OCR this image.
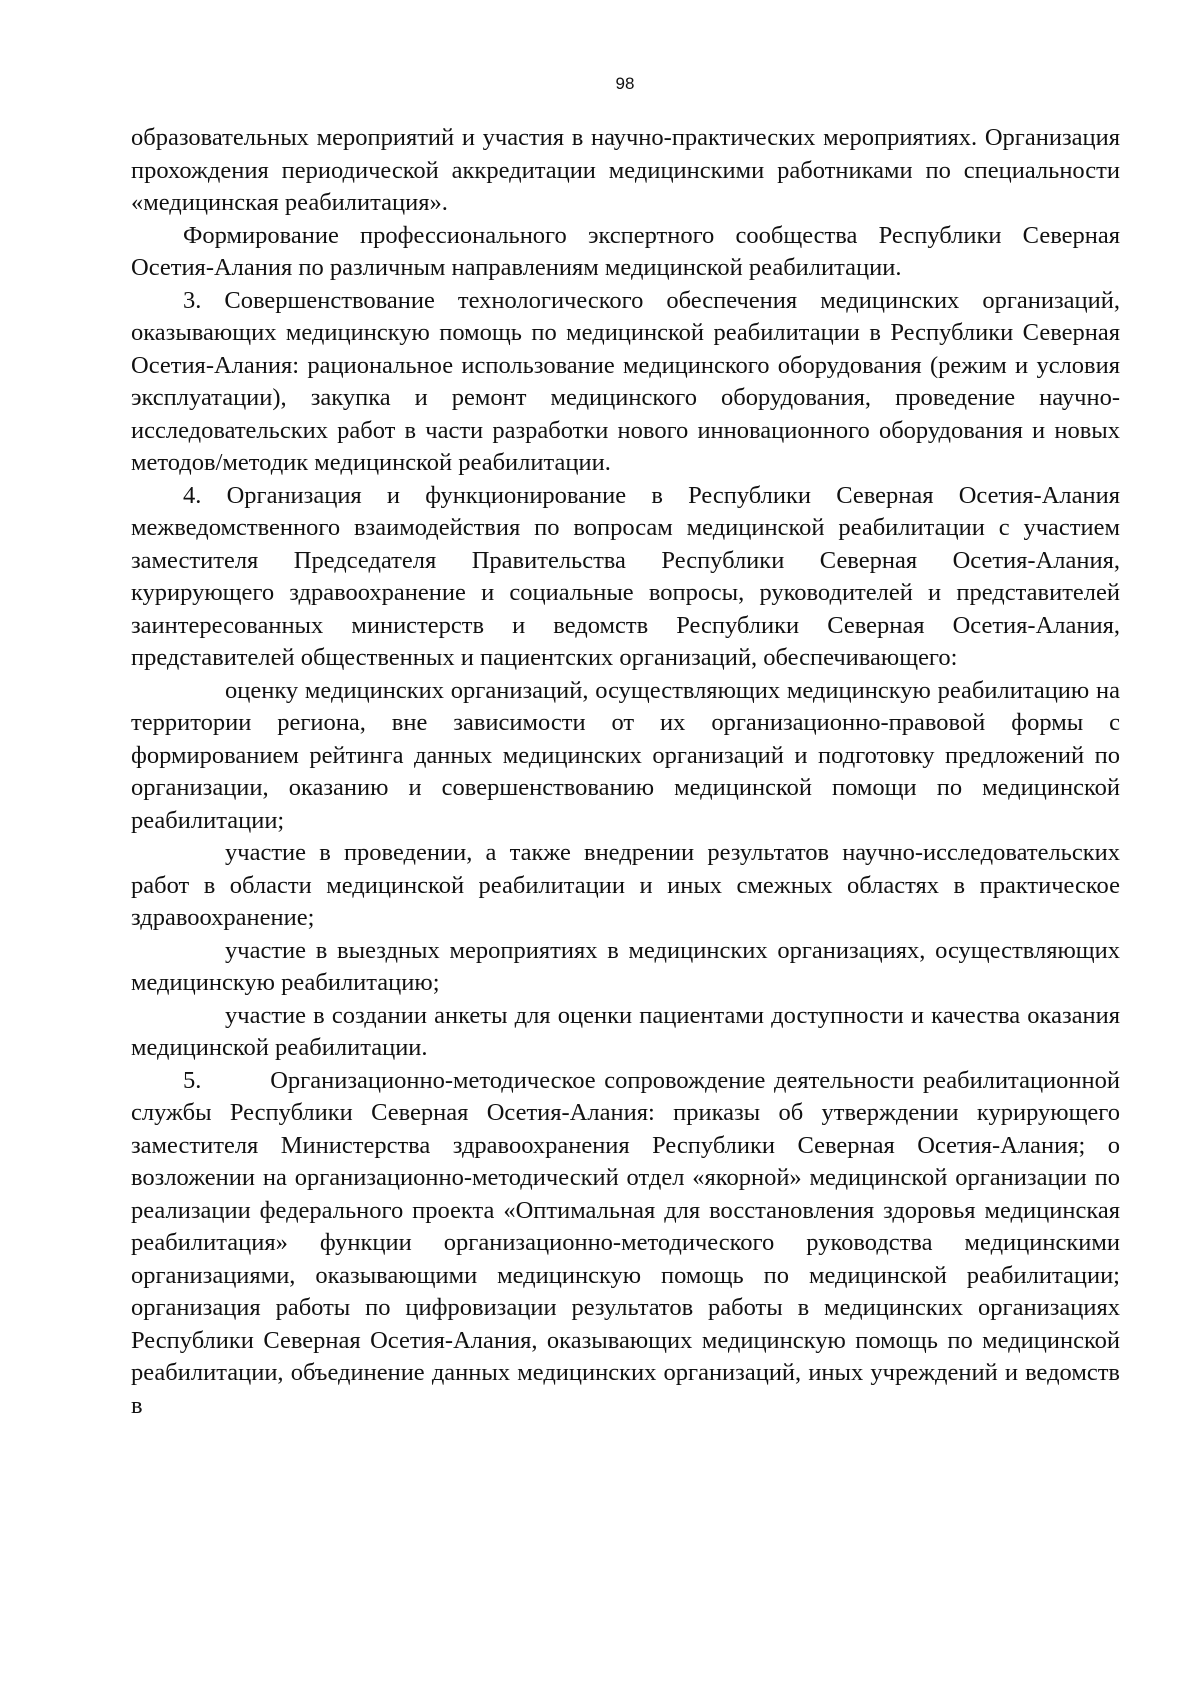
98

образовательных мероприятий и участия в научно-практических мероприятиях. Организация прохождения периодической аккредитации медицинскими работниками по специальности «медицинская реабилитация».

Формирование профессионального экспертного сообщества Республики Северная Осетия-Алания по различным направлениям медицинской реабилитации.

3. Совершенствование технологического обеспечения медицинских организаций, оказывающих медицинскую помощь по медицинской реабилитации в Республики Северная Осетия-Алания: рациональное использование медицинского оборудования (режим и условия эксплуатации), закупка и ремонт медицинского оборудования, проведение научно-исследовательских работ в части разработки нового инновационного оборудования и новых методов/методик медицинской реабилитации.

4. Организация и функционирование в Республики Северная Осетия-Алания межведомственного взаимодействия по вопросам медицинской реабилитации с участием заместителя Председателя Правительства Республики Северная Осетия-Алания, курирующего здравоохранение и социальные вопросы, руководителей и представителей заинтересованных министерств и ведомств Республики Северная Осетия-Алания, представителей общественных и пациентских организаций, обеспечивающего:

оценку медицинских организаций, осуществляющих медицинскую реабилитацию на территории региона, вне зависимости от их организационно-правовой формы с формированием рейтинга данных медицинских организаций и подготовку предложений по организации, оказанию и совершенствованию медицинской помощи по медицинской реабилитации;

участие в проведении, а также внедрении результатов научно-исследовательских работ в области медицинской реабилитации и иных смежных областях в практическое здравоохранение;

участие в выездных мероприятиях в медицинских организациях, осуществляющих медицинскую реабилитацию;

участие в создании анкеты для оценки пациентами доступности и качества оказания медицинской реабилитации.

5.        Организационно-методическое сопровождение деятельности реабилитационной службы Республики Северная Осетия-Алания: приказы об утверждении курирующего заместителя Министерства здравоохранения Республики Северная Осетия-Алания; о возложении на организационно-методический отдел «якорной» медицинской организации по реализации федерального проекта «Оптимальная для восстановления здоровья медицинская реабилитация» функции организационно-методического руководства медицинскими организациями, оказывающими медицинскую помощь по медицинской реабилитации; организация работы по цифровизации результатов работы в медицинских организациях Республики Северная Осетия-Алания, оказывающих медицинскую помощь по медицинской реабилитации, объединение данных медицинских организаций, иных учреждений и ведомств в
